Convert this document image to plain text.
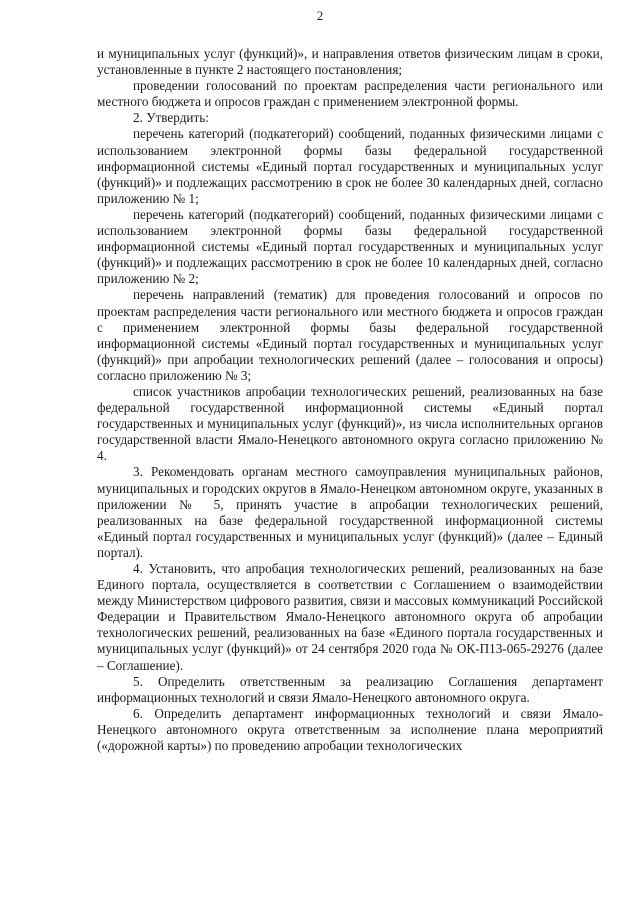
2

и муниципальных услуг (функций)», и направления ответов физическим лицам в сроки, установленные в пункте 2 настоящего постановления;

проведении голосований по проектам распределения части регионального или местного бюджета и опросов граждан с применением электронной формы.

2. Утвердить:

перечень категорий (подкатегорий) сообщений, поданных физическими лицами с использованием электронной формы базы федеральной государственной информационной системы «Единый портал государственных и муниципальных услуг (функций)» и подлежащих рассмотрению в срок не более 30 календарных дней, согласно приложению № 1;

перечень категорий (подкатегорий) сообщений, поданных физическими лицами с использованием электронной формы базы федеральной государственной информационной системы «Единый портал государственных и муниципальных услуг (функций)» и подлежащих рассмотрению в срок не более 10 календарных дней, согласно приложению № 2;

перечень направлений (тематик) для проведения голосований и опросов по проектам распределения части регионального или местного бюджета и опросов граждан с применением электронной формы базы федеральной государственной информационной системы «Единый портал государственных и муниципальных услуг (функций)» при апробации технологических решений (далее – голосования и опросы) согласно приложению № 3;

список участников апробации технологических решений, реализованных на базе федеральной государственной информационной системы «Единый портал государственных и муниципальных услуг (функций)», из числа исполнительных органов государственной власти Ямало-Ненецкого автономного округа согласно приложению № 4.

3. Рекомендовать органам местного самоуправления муниципальных районов, муниципальных и городских округов в Ямало-Ненецком автономном округе, указанных в приложении № 5, принять участие в апробации технологических решений, реализованных на базе федеральной государственной информационной системы «Единый портал государственных и муниципальных услуг (функций)» (далее – Единый портал).

4. Установить, что апробация технологических решений, реализованных на базе Единого портала, осуществляется в соответствии с Соглашением о взаимодействии между Министерством цифрового развития, связи и массовых коммуникаций Российской Федерации и Правительством Ямало-Ненецкого автономного округа об апробации технологических решений, реализованных на базе «Единого портала государственных и муниципальных услуг (функций)» от 24 сентября 2020 года № ОК-П13-065-29276 (далее – Соглашение).

5. Определить ответственным за реализацию Соглашения департамент информационных технологий и связи Ямало-Ненецкого автономного округа.

6. Определить департамент информационных технологий и связи Ямало-Ненецкого автономного округа ответственным за исполнение плана мероприятий («дорожной карты») по проведению апробации технологических
